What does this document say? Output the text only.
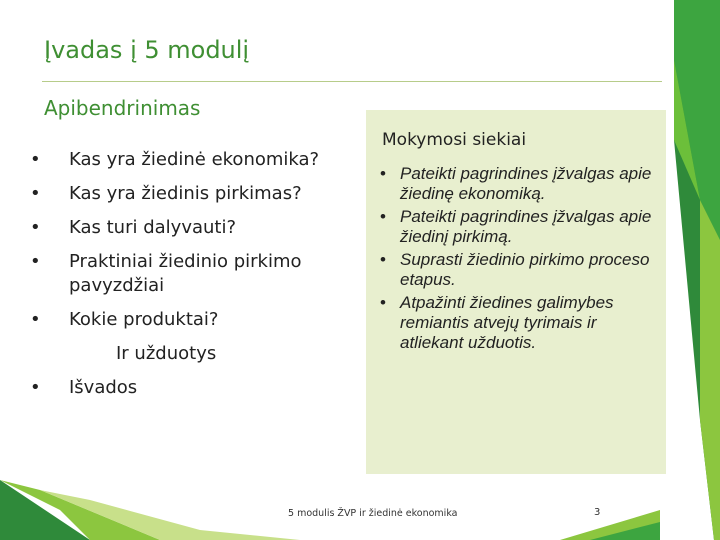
Įvadas į 5 modulį
Apibendrinimas
• Kas yra žiedinė ekonomika?
• Kas yra žiedinis pirkimas?
• Kas turi dalyvauti?
• Praktiniai žiedinio pirkimo pavyzdžiai
• Kokie produktai?
Ir užduotys
• Išvados
Mokymosi siekiai
• Pateikti pagrindines įžvalgas apie žiedinę ekonomiką.
• Pateikti pagrindines įžvalgas apie žiedinį pirkimą.
• Suprasti žiedinio pirkimo proceso etapus.
• Atpažinti žiedines galimybes remiantis atvejų tyrimais ir atliekant užduotis.
5 modulis ŽVP ir žiedinė ekonomika	3
